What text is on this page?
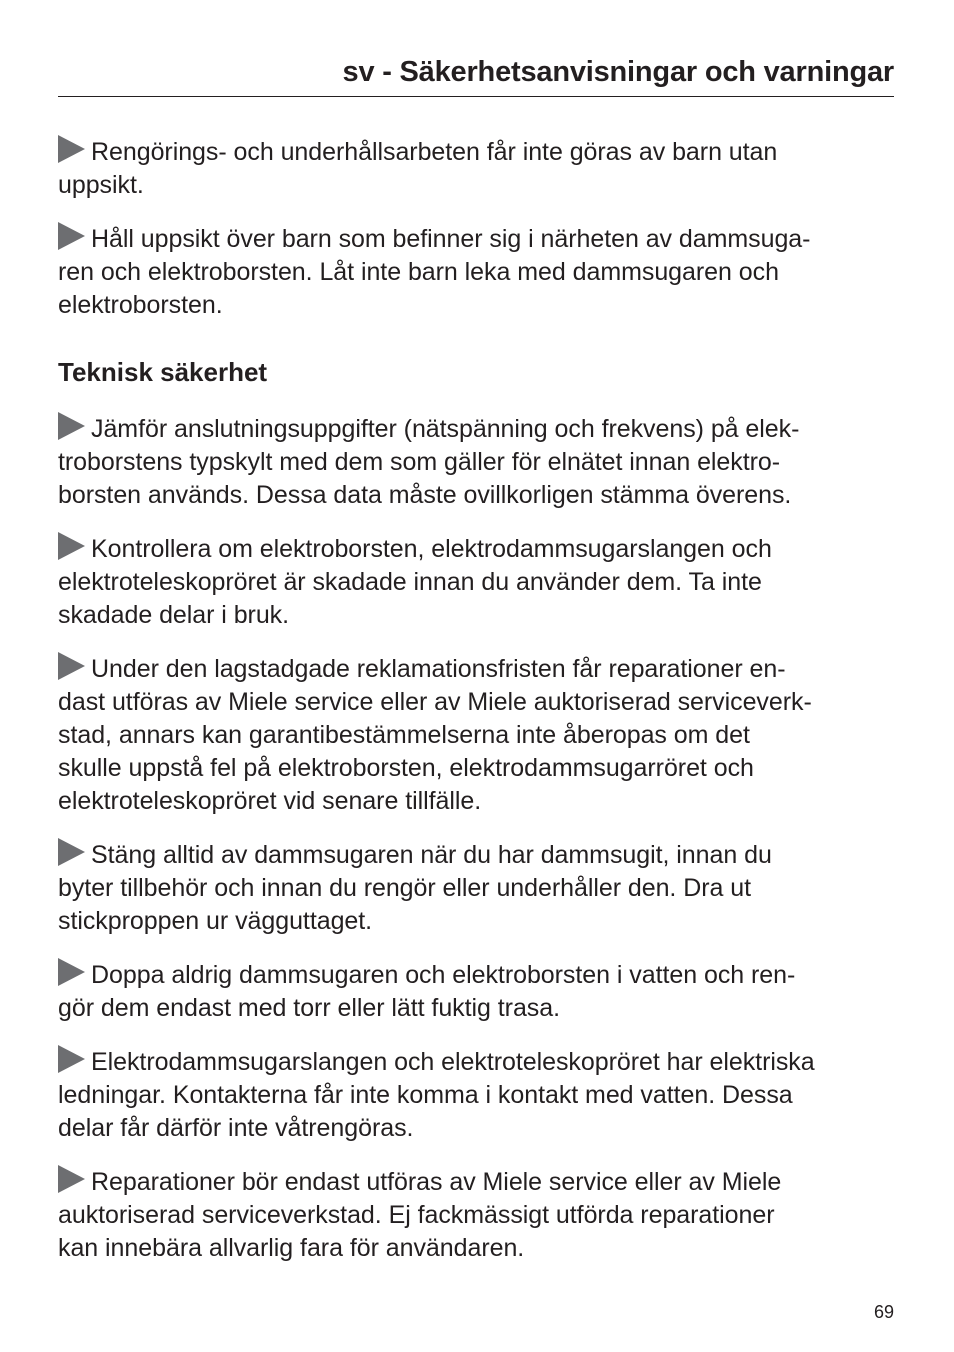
sv - Säkerhetsanvisningar och varningar
Rengörings- och underhållsarbeten får inte göras av barn utan
uppsikt.
Håll uppsikt över barn som befinner sig i närheten av dammsuga-
ren och elektroborsten. Låt inte barn leka med dammsugaren och
elektroborsten.
Teknisk säkerhet
Jämför anslutningsuppgifter (nätspänning och frekvens) på elek-
troborstens typskylt med dem som gäller för elnätet innan elektro-
borsten används. Dessa data måste ovillkorligen stämma överens.
Kontrollera om elektroborsten, elektrodammsugarslangen och
elektroteleskopröret är skadade innan du använder dem. Ta inte
skadade delar i bruk.
Under den lagstadgade reklamationsfristen får reparationer en-
dast utföras av Miele service eller av Miele auktoriserad serviceverk-
stad, annars kan garantibestämmelserna inte åberopas om det
skulle uppstå fel på elektroborsten, elektrodammsugarröret och
elektroteleskopröret vid senare tillfälle.
Stäng alltid av dammsugaren när du har dammsugit, innan du
byter tillbehör och innan du rengör eller underhåller den. Dra ut
stickproppen ur vägguttaget.
Doppa aldrig dammsugaren och elektroborsten i vatten och ren-
gör dem endast med torr eller lätt fuktig trasa.
Elektrodammsugarslangen och elektroteleskopröret har elektriska
ledningar. Kontakterna får inte komma i kontakt med vatten. Dessa
delar får därför inte våtrengöras.
Reparationer bör endast utföras av Miele service eller av Miele
auktoriserad serviceverkstad. Ej fackmässigt utförda reparationer
kan innebära allvarlig fara för användaren.
69
